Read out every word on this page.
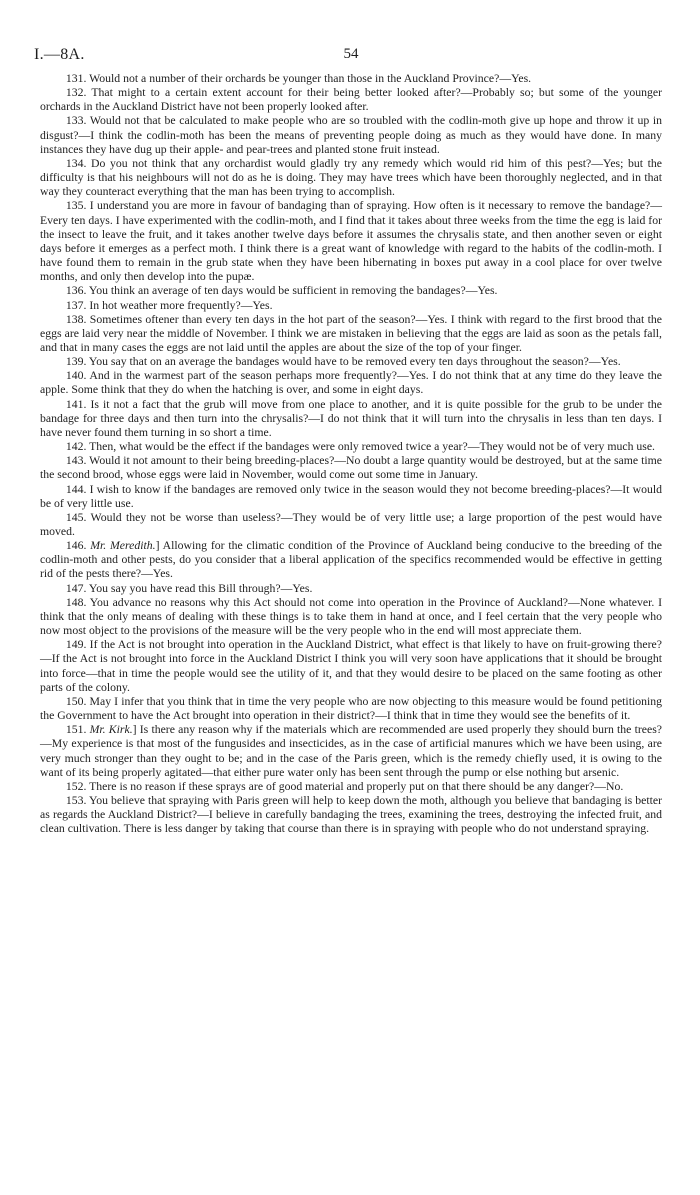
I.—8A.	54

131. Would not a number of their orchards be younger than those in the Auckland Province?—Yes.

132. That might to a certain extent account for their being better looked after?—Probably so; but some of the younger orchards in the Auckland District have not been properly looked after.

133. Would not that be calculated to make people who are so troubled with the codlin-moth give up hope and throw it up in disgust?—I think the codlin-moth has been the means of preventing people doing as much as they would have done. In many instances they have dug up their apple- and pear-trees and planted stone fruit instead.

134. Do you not think that any orchardist would gladly try any remedy which would rid him of this pest?—Yes; but the difficulty is that his neighbours will not do as he is doing. They may have trees which have been thoroughly neglected, and in that way they counteract everything that the man has been trying to accomplish.

135. I understand you are more in favour of bandaging than of spraying. How often is it necessary to remove the bandage?—Every ten days. I have experimented with the codlin-moth, and I find that it takes about three weeks from the time the egg is laid for the insect to leave the fruit, and it takes another twelve days before it assumes the chrysalis state, and then another seven or eight days before it emerges as a perfect moth. I think there is a great want of knowledge with regard to the habits of the codlin-moth. I have found them to remain in the grub state when they have been hibernating in boxes put away in a cool place for over twelve months, and only then develop into the pupæ.

136. You think an average of ten days would be sufficient in removing the bandages?—Yes.

137. In hot weather more frequently?—Yes.

138. Sometimes oftener than every ten days in the hot part of the season?—Yes. I think with regard to the first brood that the eggs are laid very near the middle of November. I think we are mistaken in believing that the eggs are laid as soon as the petals fall, and that in many cases the eggs are not laid until the apples are about the size of the top of your finger.

139. You say that on an average the bandages would have to be removed every ten days throughout the season?—Yes.

140. And in the warmest part of the season perhaps more frequently?—Yes. I do not think that at any time do they leave the apple. Some think that they do when the hatching is over, and some in eight days.

141. Is it not a fact that the grub will move from one place to another, and it is quite possible for the grub to be under the bandage for three days and then turn into the chrysalis?—I do not think that it will turn into the chrysalis in less than ten days. I have never found them turning in so short a time.

142. Then, what would be the effect if the bandages were only removed twice a year?—They would not be of very much use.

143. Would it not amount to their being breeding-places?—No doubt a large quantity would be destroyed, but at the same time the second brood, whose eggs were laid in November, would come out some time in January.

144. I wish to know if the bandages are removed only twice in the season would they not become breeding-places?—It would be of very little use.

145. Would they not be worse than useless?—They would be of very little use; a large proportion of the pest would have moved.

146. Mr. Meredith.] Allowing for the climatic condition of the Province of Auckland being conducive to the breeding of the codlin-moth and other pests, do you consider that a liberal application of the specifics recommended would be effective in getting rid of the pests there?—Yes.

147. You say you have read this Bill through?—Yes.

148. You advance no reasons why this Act should not come into operation in the Province of Auckland?—None whatever. I think that the only means of dealing with these things is to take them in hand at once, and I feel certain that the very people who now most object to the provisions of the measure will be the very people who in the end will most appreciate them.

149. If the Act is not brought into operation in the Auckland District, what effect is that likely to have on fruit-growing there?—If the Act is not brought into force in the Auckland District I think you will very soon have applications that it should be brought into force—that in time the people would see the utility of it, and that they would desire to be placed on the same footing as other parts of the colony.

150. May I infer that you think that in time the very people who are now objecting to this measure would be found petitioning the Government to have the Act brought into operation in their district?—I think that in time they would see the benefits of it.

151. Mr. Kirk.] Is there any reason why if the materials which are recommended are used properly they should burn the trees?—My experience is that most of the fungusides and insecticides, as in the case of artificial manures which we have been using, are very much stronger than they ought to be; and in the case of the Paris green, which is the remedy chiefly used, it is owing to the want of its being properly agitated—that either pure water only has been sent through the pump or else nothing but arsenic.

152. There is no reason if these sprays are of good material and properly put on that there should be any danger?—No.

153. You believe that spraying with Paris green will help to keep down the moth, although you believe that bandaging is better as regards the Auckland District?—I believe in carefully bandaging the trees, examining the trees, destroying the infected fruit, and clean cultivation. There is less danger by taking that course than there is in spraying with people who do not understand spraying.
